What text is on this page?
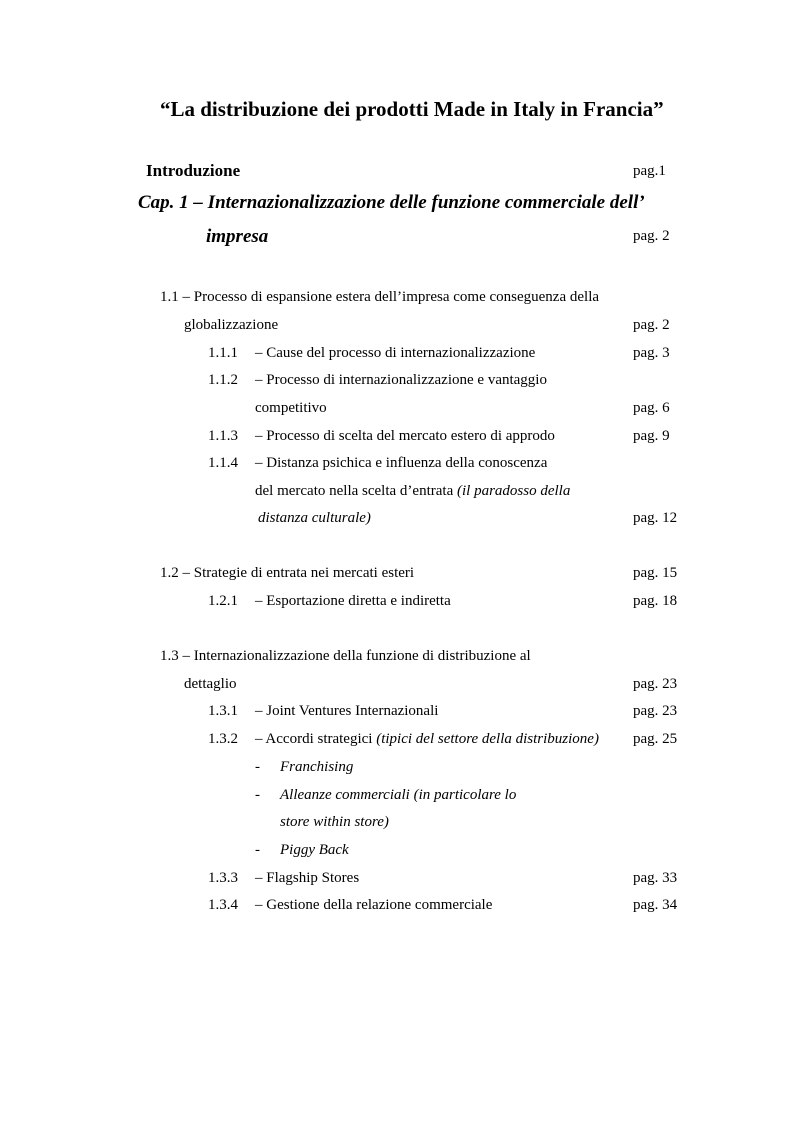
“La distribuzione dei prodotti Made in Italy in Francia”
Introduzione	pag.1
Cap. 1 – Internazionalizzazione delle funzione commerciale dell’
impresa	pag. 2
1.1 – Processo di espansione estera dell’impresa come conseguenza della
globalizzazione	pag. 2
1.1.1 – Cause del processo di internazionalizzazione	pag. 3
1.1.2 – Processo di internazionalizzazione e vantaggio
competitivo	pag. 6
1.1.3 – Processo di scelta del mercato estero di approdo	pag. 9
1.1.4 – Distanza psichica e influenza della conoscenza
del mercato nella scelta d’entrata (il paradosso della
distanza culturale)	pag. 12
1.2 – Strategie di entrata nei mercati esteri	pag. 15
1.2.1 – Esportazione diretta e indiretta	pag. 18
1.3 – Internazionalizzazione della funzione di distribuzione al
dettaglio	pag. 23
1.3.1 – Joint Ventures Internazionali	pag. 23
1.3.2 – Accordi strategici (tipici del settore della distribuzione) pag. 25
- Franchising
- Alleanze commerciali (in particolare lo
store within store)
- Piggy Back
1.3.3 – Flagship Stores	pag. 33
1.3.4 – Gestione della relazione commerciale	pag. 34
